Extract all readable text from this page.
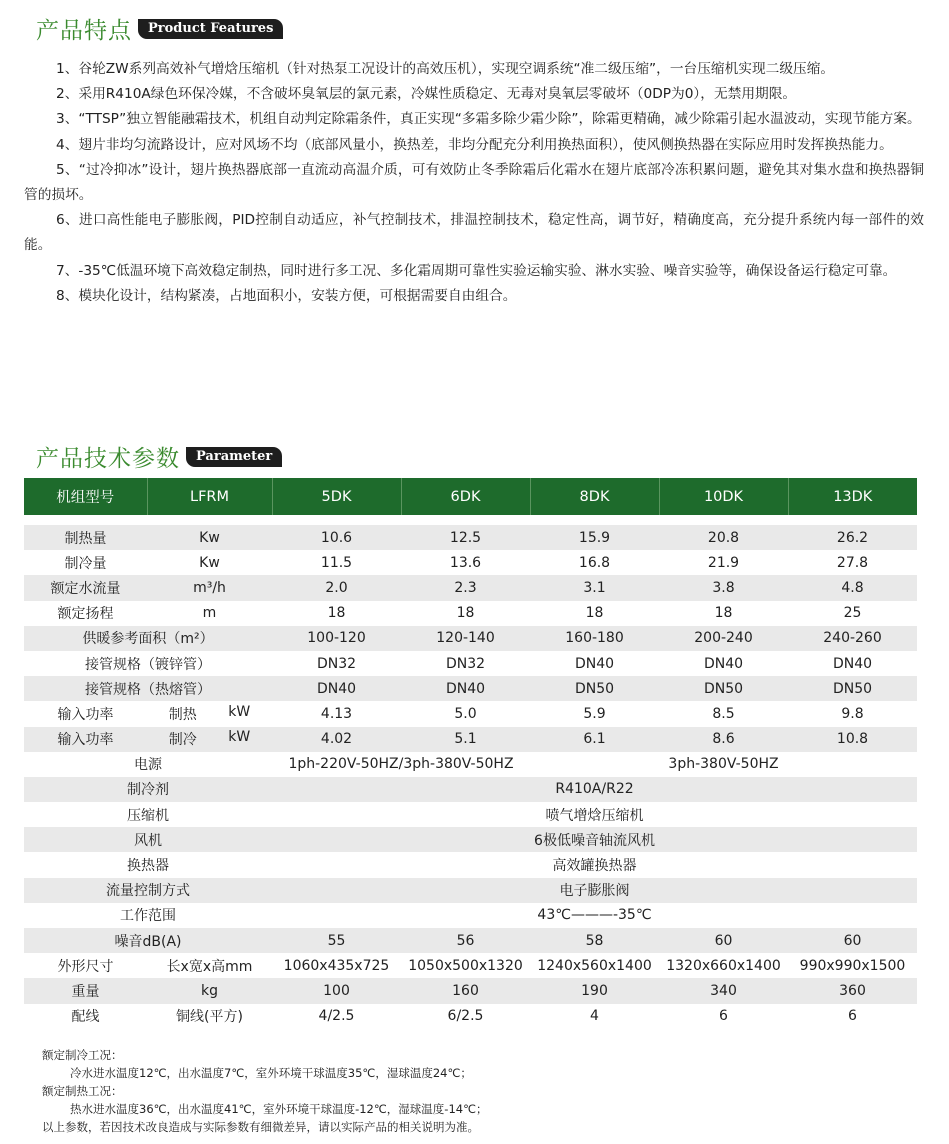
产品特点	Product Features

1、谷轮ZW系列高效补气增焓压缩机（针对热泵工况设计的高效压机），实现空调系统“准二级压缩”，一台压缩机实现二级压缩。

2、采用R410A绿色环保冷媒，不含破坏臭氧层的氯元素，冷媒性质稳定、无毒对臭氧层零破坏（0DP为0），无禁用期限。

3、“TTSP”独立智能融霜技术，机组自动判定除霜条件，真正实现“多霜多除少霜少除”，除霜更精确，减少除霜引起水温波动，实现节能方案。

4、翅片非均匀流路设计，应对风场不均（底部风量小，换热差，非均分配充分利用换热面积），使风侧换热器在实际应用时发挥换热能力。

5、“过冷抑冰”设计，翅片换热器底部一直流动高温介质，可有效防止冬季除霜后化霜水在翅片底部冷冻积累问题，避免其对集水盘和换热器铜管的损坏。

6、进口高性能电子膨胀阀，PID控制自动适应，补气控制技术，排温控制技术，稳定性高，调节好，精确度高，充分提升系统内每一部件的效能。

7、-35℃低温环境下高效稳定制热，同时进行多工况、多化霜周期可靠性实验运输实验、淋水实验、噪音实验等，确保设备运行稳定可靠。

8、模块化设计，结构紧凑，占地面积小，安装方便，可根据需要自由组合。

产品技术参数	Parameter
机组型号	LFRM	5DK	6DK	8DK	10DK	13DK

制热量	Kw	10.6	12.5	15.9	20.8	26.2
制冷量	Kw	11.5	13.6	16.8	21.9	27.8
额定水流量	m³/h	2.0	2.3	3.1	3.8	4.8
额定扬程	m	18	18	18	18	25
供暖参考面积（m²）		100-120	120-140	160-180	200-240	240-260
接管规格（镀锌管）		DN32	DN32	DN40	DN40	DN40
接管规格（热熔管）		DN40	DN40	DN50	DN50	DN50
输入功率	制热 kW	4.13	5.0	5.9	8.5	9.8
输入功率	制冷 kW	4.02	5.1	6.1	8.6	10.8
电源		1ph-220V-50HZ/3ph-380V-50HZ		3ph-380V-50HZ		
制冷剂		R410A/R22				
压缩机		喷气增焓压缩机				
风机		6极低噪音轴流风机				
换热器		高效罐换热器				
流量控制方式		电子膨胀阀				
工作范围		43℃———-35℃				
噪音dB(A)		55	56	58	60	60
外形尺寸	长x宽x高mm	1060x435x725	1050x500x1320	1240x560x1400	1320x660x1400	990x990x1500
重量	kg	100	160	190	340	360
配线	铜线(平方)	4/2.5	6/2.5	4	6	6
额定制冷工况：
冷水进水温度12℃，出水温度7℃，室外环境干球温度35℃，湿球温度24℃；
额定制热工况：
热水进水温度36℃，出水温度41℃，室外环境干球温度-12℃，湿球温度-14℃；
以上参数，若因技术改良造成与实际参数有细微差异，请以实际产品的相关说明为准。
